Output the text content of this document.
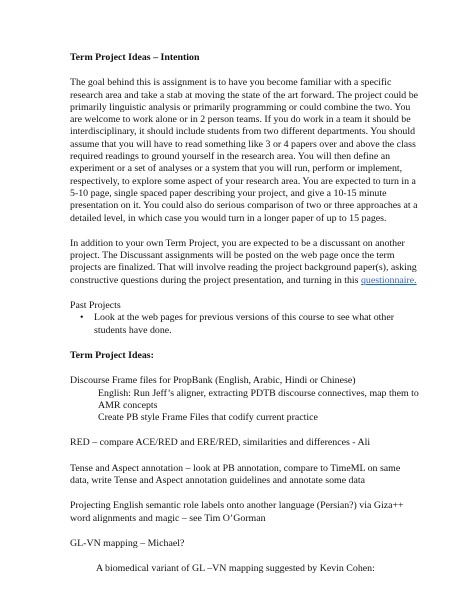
Term Project Ideas – Intention

The goal behind this is assignment is to have you become familiar with a specific research area and take a stab at moving the state of the art forward. The project could be primarily linguistic analysis or primarily programming or could combine the two. You are welcome to work alone or in 2 person teams. If you do work in a team it should be interdisciplinary, it should include students from two different departments. You should assume that you will have to read something like 3 or 4 papers over and above the class required readings to ground yourself in the research area. You will then define an experiment or a set of analyses or a system that you will run, perform or implement, respectively, to explore some aspect of your research area. You are expected to turn in a 5-10 page, single spaced paper describing your project, and give a 10-15 minute presentation on it. You could also do serious comparison of two or three approaches at a detailed level, in which case you would turn in a longer paper of up to 15 pages.

In addition to your own Term Project, you are expected to be a discussant on another project. The Discussant assignments will be posted on the web page once the term projects are finalized. That will involve reading the project background paper(s), asking constructive questions during the project presentation, and turning in this questionnaire.

Past Projects

•	Look at the web pages for previous versions of this course to see what other students have done.

Term Project Ideas:

Discourse Frame files for PropBank (English, Arabic, Hindi or Chinese)

English: Run Jeff’s aligner, extracting PDTB discourse connectives, map them to AMR concepts

Create PB style Frame Files that codify current practice

RED – compare ACE/RED and ERE/RED, similarities and differences - Ali

Tense and Aspect annotation – look at PB annotation, compare to TimeML on same data, write Tense and Aspect annotation guidelines and annotate some data

Projecting English semantic role labels onto another language (Persian?) via Giza++ word alignments and magic – see Tim O’Gorman

GL-VN mapping – Michael?

A biomedical variant of GL –VN mapping suggested by Kevin Cohen:
